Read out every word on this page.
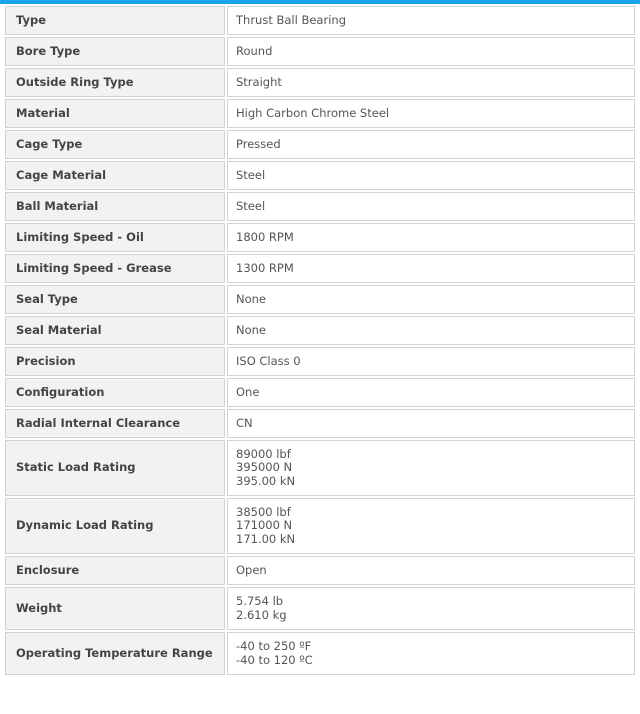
Type	Thrust Ball Bearing

Bore Type	Round

Outside Ring Type	Straight

Material	High Carbon Chrome Steel

Cage Type	Pressed

Cage Material	Steel

Ball Material	Steel

Limiting Speed - Oil	1800 RPM

Limiting Speed - Grease	1300 RPM

Seal Type	None

Seal Material	None

Precision	ISO Class 0

Configuration	One

Radial Internal Clearance	CN

Static Load Rating	89000 lbf
395000 N
395.00 kN

Dynamic Load Rating	38500 lbf
171000 N
171.00 kN

Enclosure	Open

Weight	5.754 lb
2.610 kg

Operating Temperature Range	-40 to 250 ºF
-40 to 120 ºC
